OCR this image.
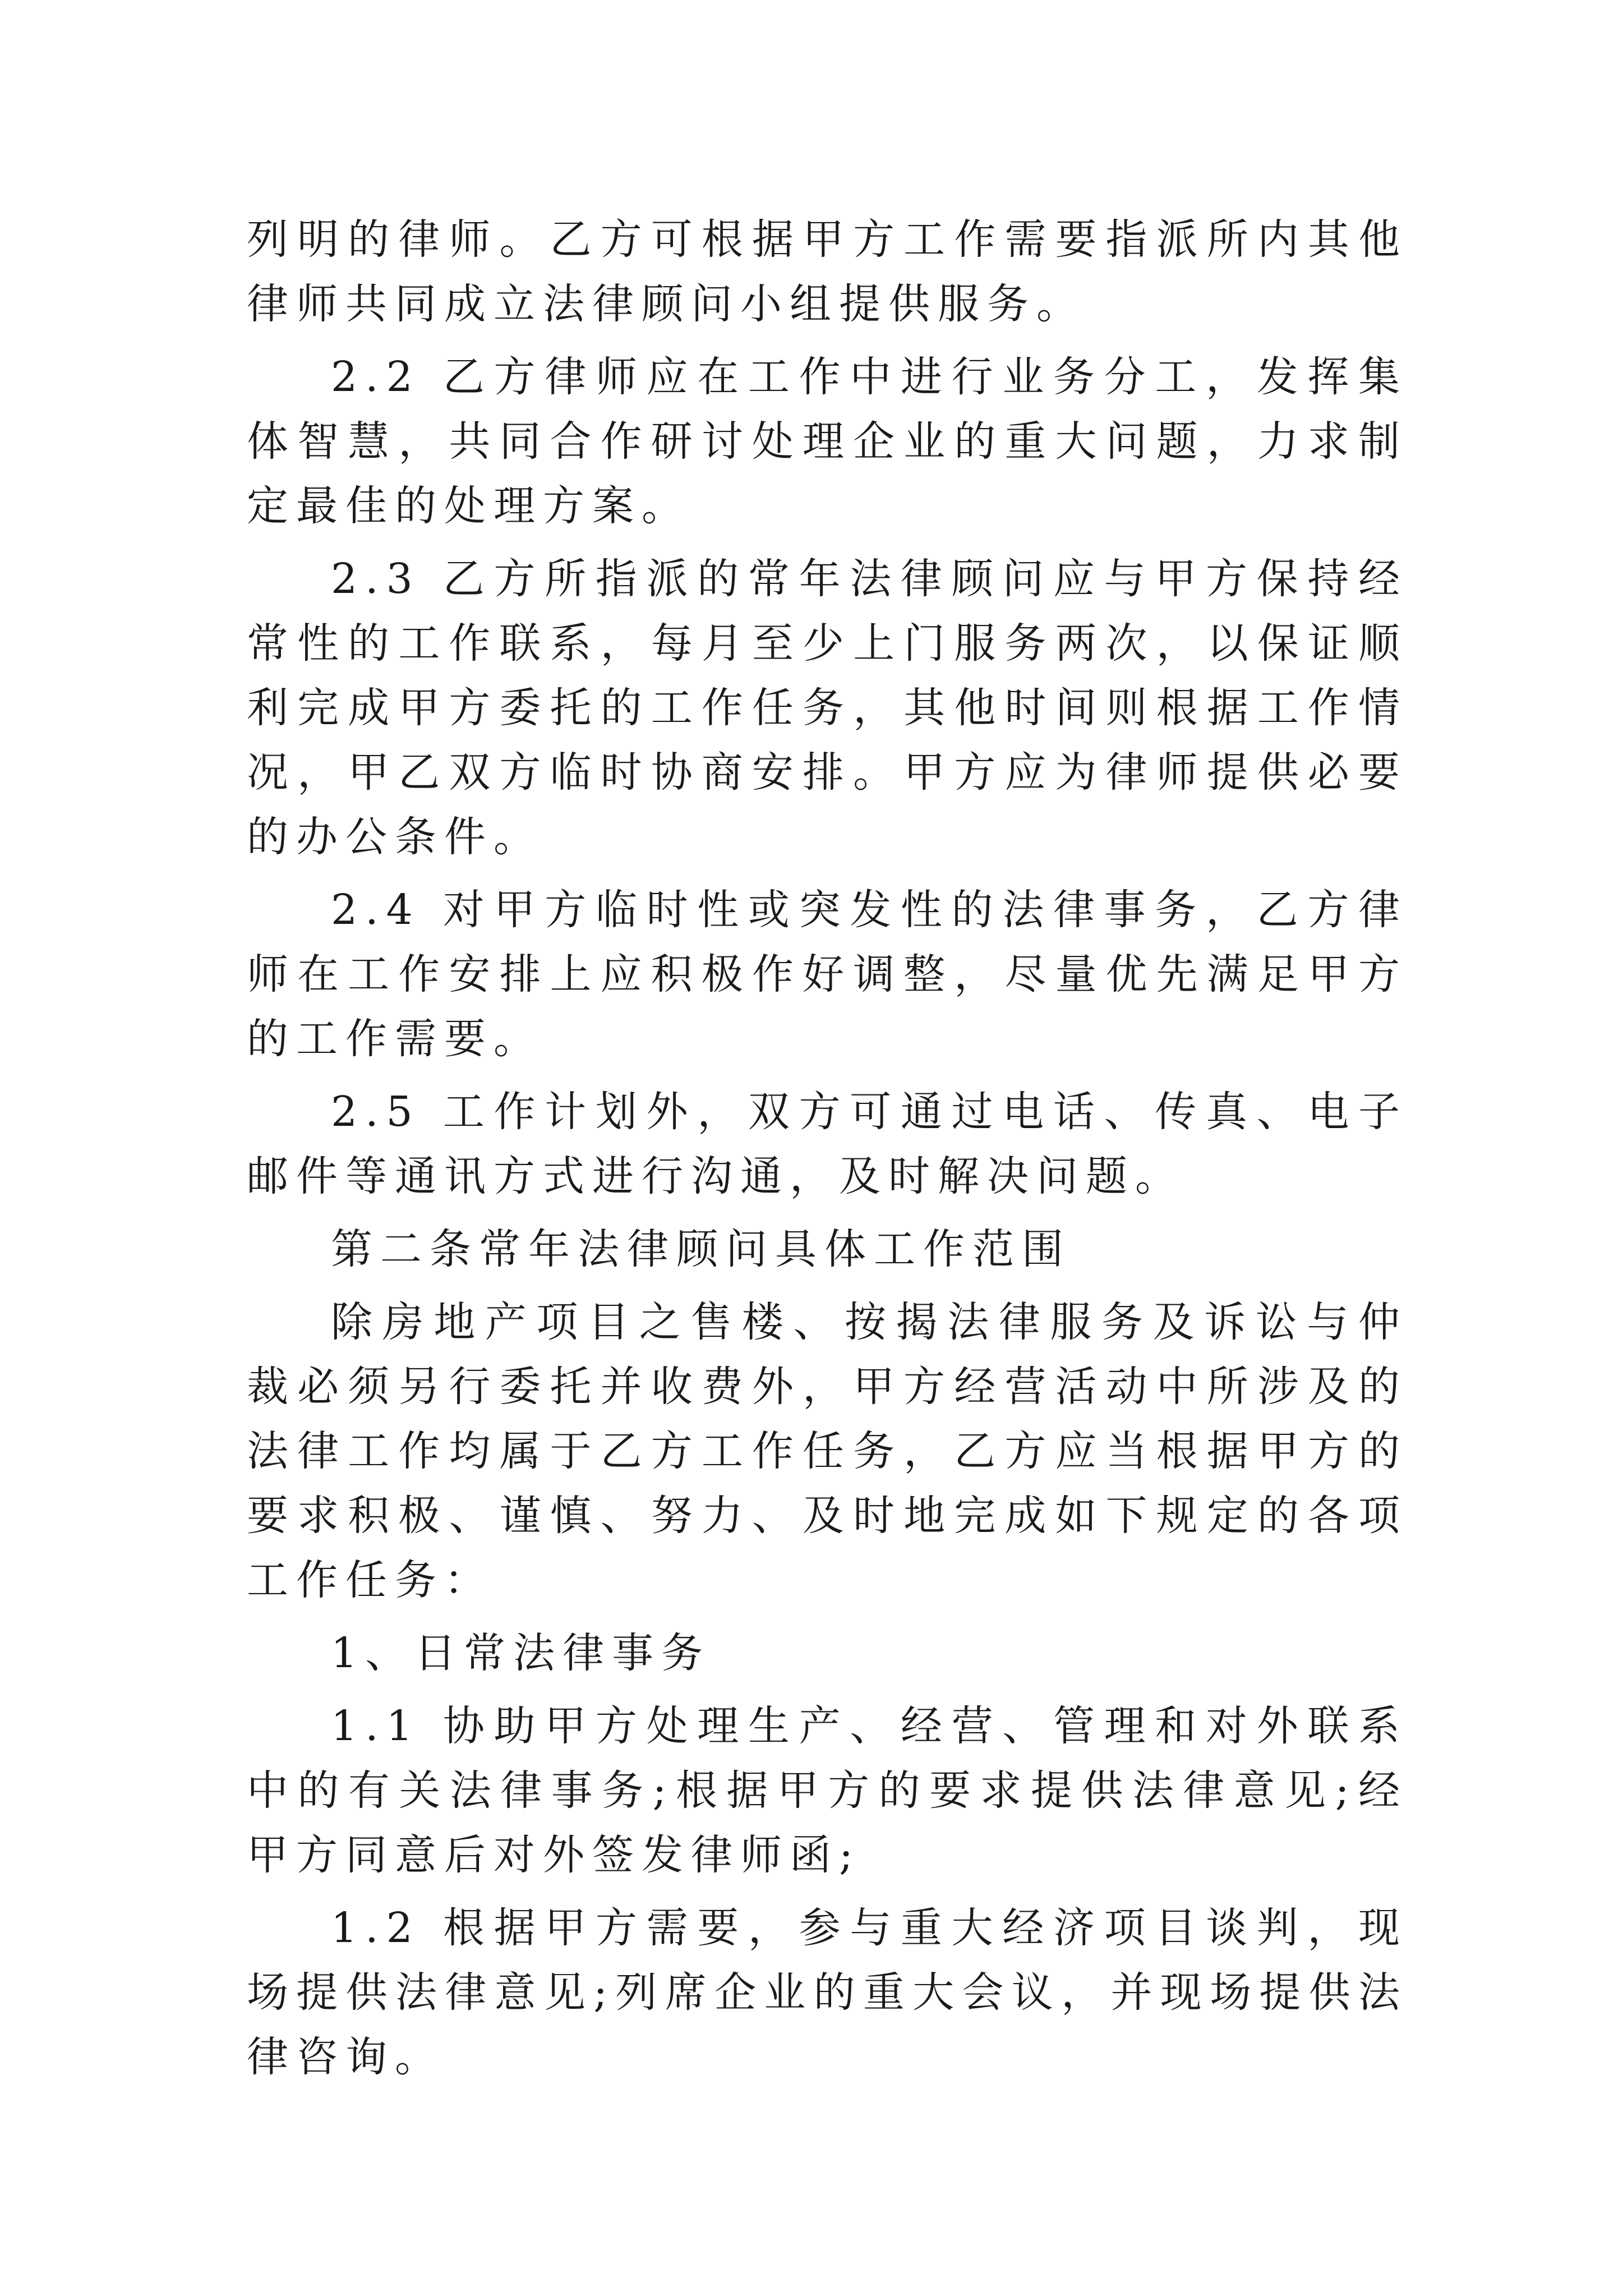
列明的律师。乙方可根据甲方工作需要指派所内其他律师共同成立法律顾问小组提供服务。

2.2 乙方律师应在工作中进行业务分工，发挥集体智慧，共同合作研讨处理企业的重大问题，力求制定最佳的处理方案。

2.3 乙方所指派的常年法律顾问应与甲方保持经常性的工作联系，每月至少上门服务两次，以保证顺利完成甲方委托的工作任务，其他时间则根据工作情况，甲乙双方临时协商安排。甲方应为律师提供必要的办公条件。

2.4 对甲方临时性或突发性的法律事务，乙方律师在工作安排上应积极作好调整，尽量优先满足甲方的工作需要。

2.5 工作计划外，双方可通过电话、传真、电子邮件等通讯方式进行沟通，及时解决问题。

第二条常年法律顾问具体工作范围

除房地产项目之售楼、按揭法律服务及诉讼与仲裁必须另行委托并收费外，甲方经营活动中所涉及的法律工作均属于乙方工作任务，乙方应当根据甲方的要求积极、谨慎、努力、及时地完成如下规定的各项工作任务：

1、日常法律事务

1.1 协助甲方处理生产、经营、管理和对外联系中的有关法律事务;根据甲方的要求提供法律意见;经甲方同意后对外签发律师函;

1.2 根据甲方需要，参与重大经济项目谈判，现场提供法律意见;列席企业的重大会议，并现场提供法律咨询。
